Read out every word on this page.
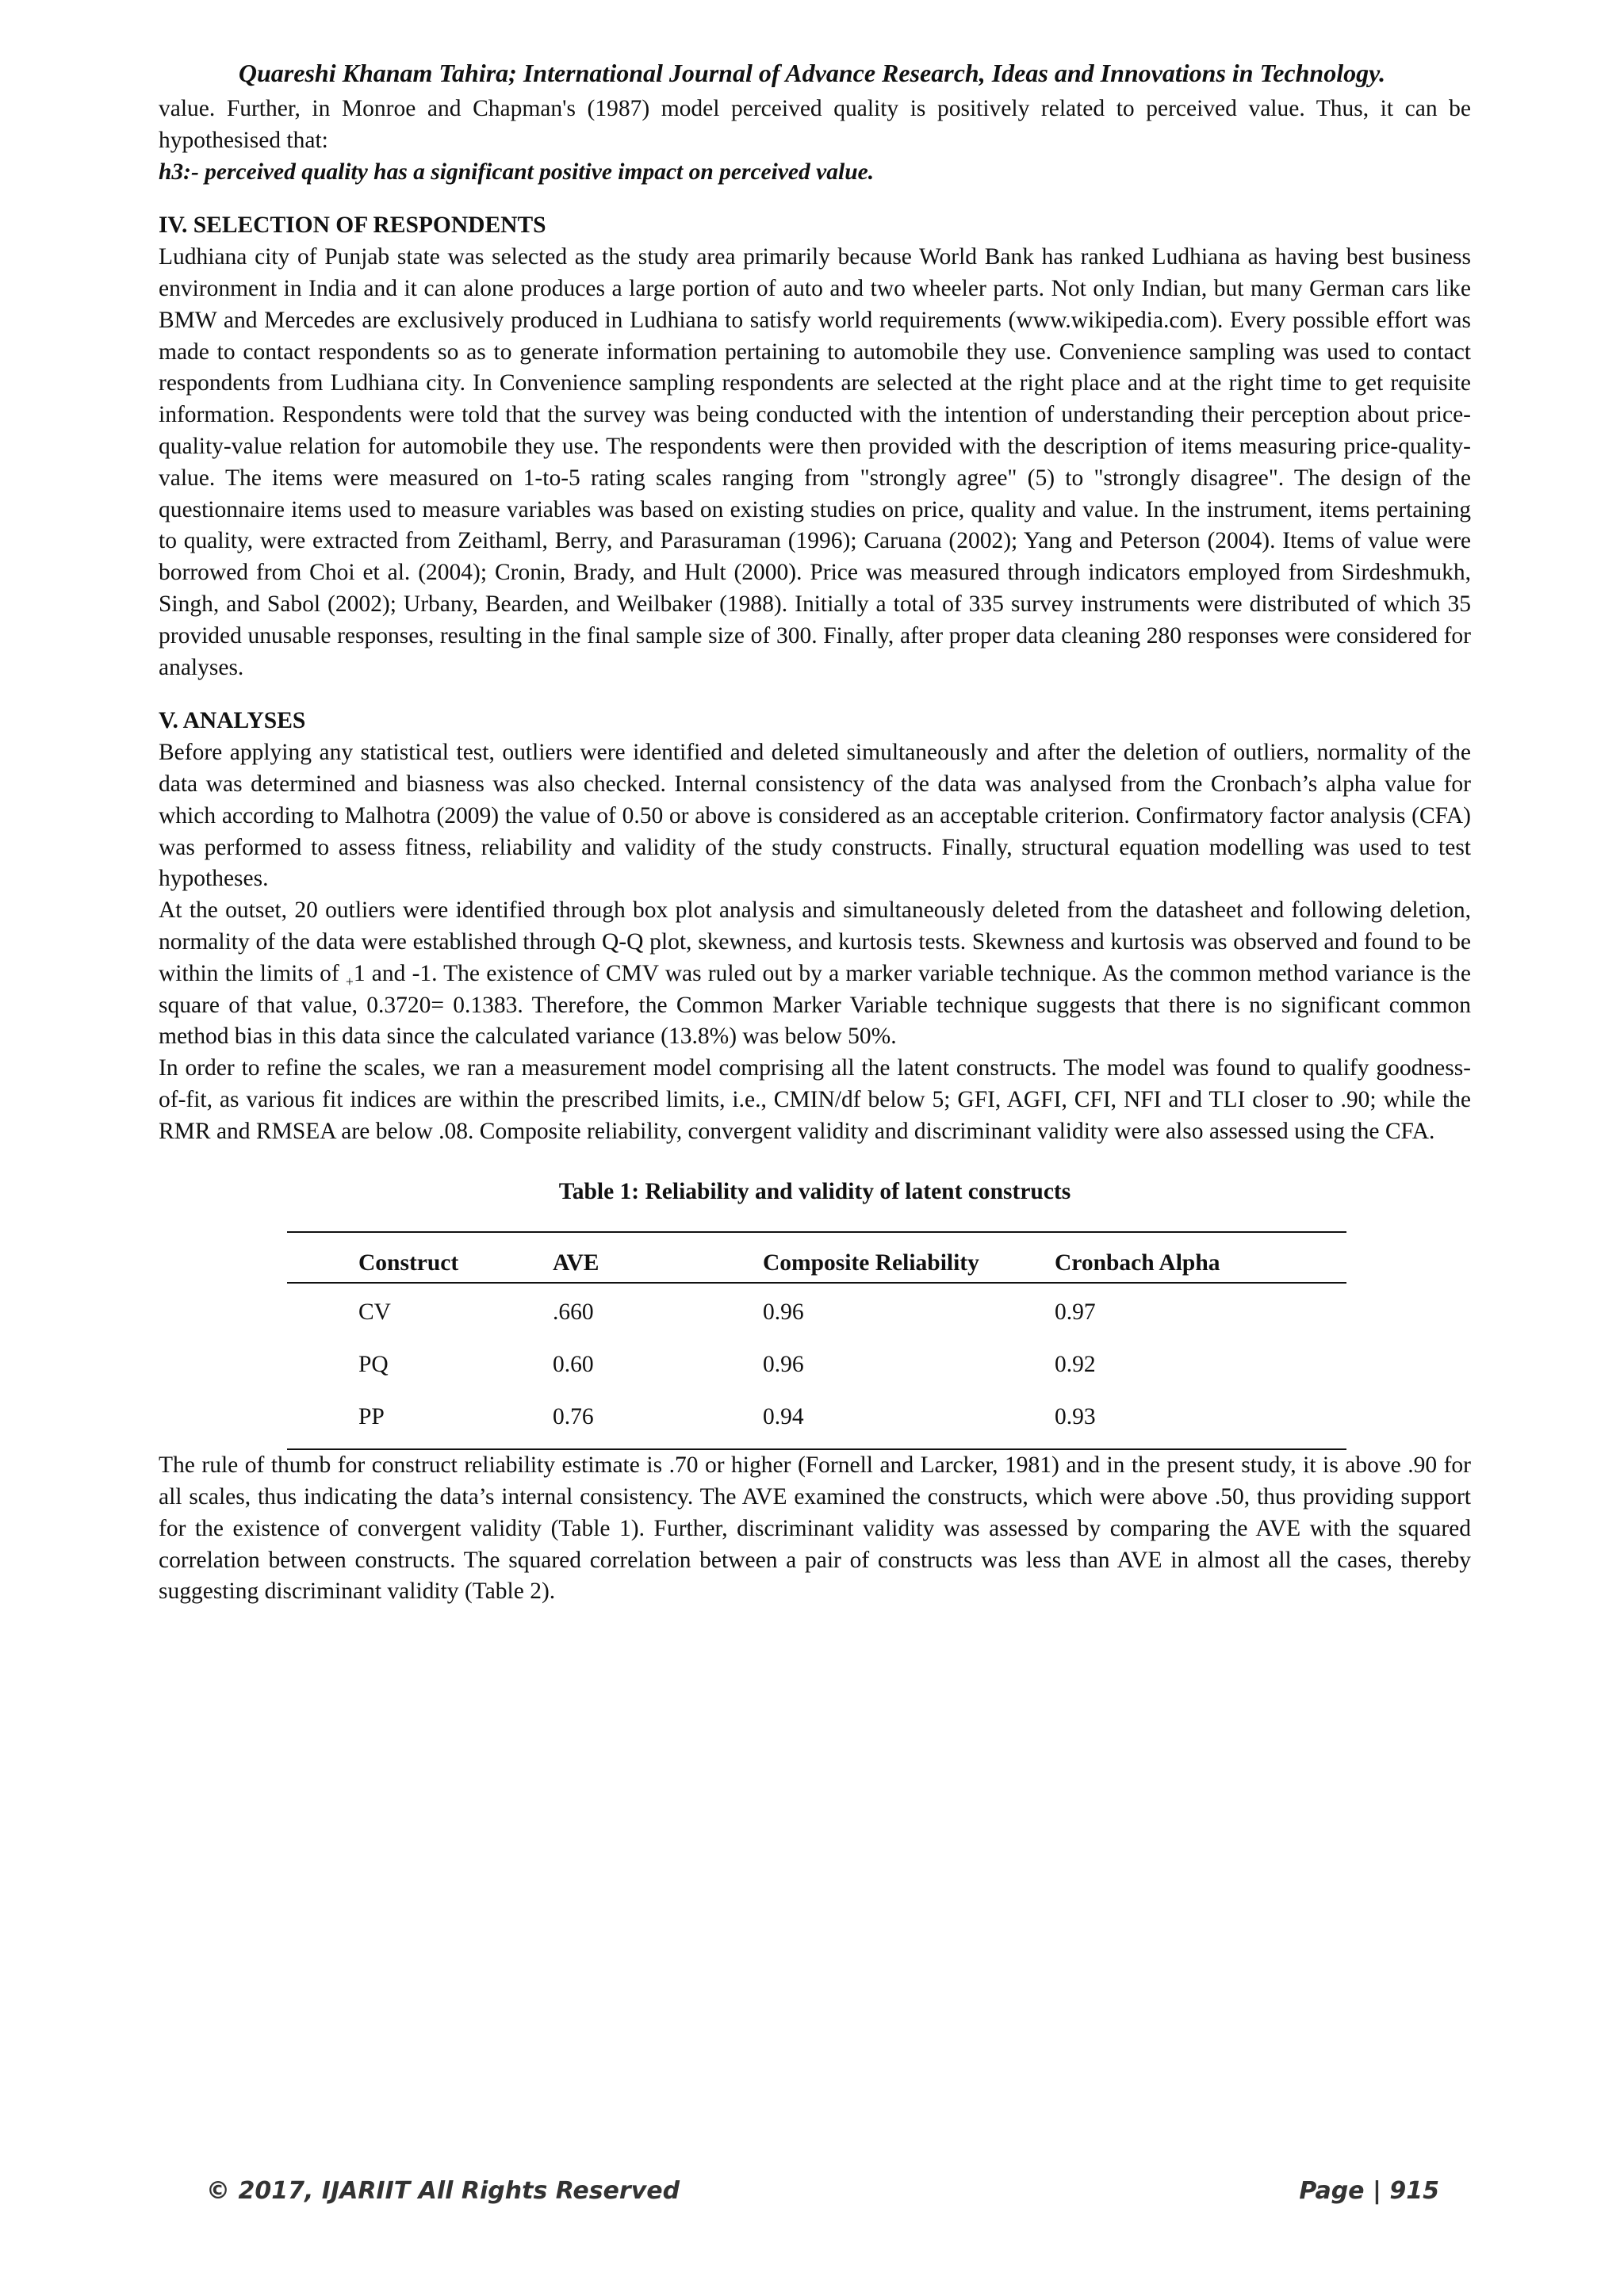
Quareshi Khanam Tahira; International Journal of Advance Research, Ideas and Innovations in Technology.

value. Further, in Monroe and Chapman's (1987) model perceived quality is positively related to perceived value. Thus, it can be hypothesised that:

h3:- perceived quality has a significant positive impact on perceived value.

IV. SELECTION OF RESPONDENTS

Ludhiana city of Punjab state was selected as the study area primarily because World Bank has ranked Ludhiana as having best business environment in India and it can alone produces a large portion of auto and two wheeler parts. Not only Indian, but many German cars like BMW and Mercedes are exclusively produced in Ludhiana to satisfy world requirements (www.wikipedia.com). Every possible effort was made to contact respondents so as to generate information pertaining to automobile they use. Convenience sampling was used to contact respondents from Ludhiana city. In Convenience sampling respondents are selected at the right place and at the right time to get requisite information. Respondents were told that the survey was being conducted with the intention of understanding their perception about price-quality-value relation for automobile they use. The respondents were then provided with the description of items measuring price-quality-value. The items were measured on 1-to-5 rating scales ranging from "strongly agree" (5) to "strongly disagree". The design of the questionnaire items used to measure variables was based on existing studies on price, quality and value. In the instrument, items pertaining to quality, were extracted from Zeithaml, Berry, and Parasuraman (1996); Caruana (2002); Yang and Peterson (2004). Items of value were borrowed from Choi et al. (2004); Cronin, Brady, and Hult (2000). Price was measured through indicators employed from Sirdeshmukh, Singh, and Sabol (2002); Urbany, Bearden, and Weilbaker (1988). Initially a total of 335 survey instruments were distributed of which 35 provided unusable responses, resulting in the final sample size of 300. Finally, after proper data cleaning 280 responses were considered for analyses.

V. ANALYSES

Before applying any statistical test, outliers were identified and deleted simultaneously and after the deletion of outliers, normality of the data was determined and biasness was also checked. Internal consistency of the data was analysed from the Cronbach’s alpha value for which according to Malhotra (2009) the value of 0.50 or above is considered as an acceptable criterion. Confirmatory factor analysis (CFA) was performed to assess fitness, reliability and validity of the study constructs. Finally, structural equation modelling was used to test hypotheses.

At the outset, 20 outliers were identified through box plot analysis and simultaneously deleted from the datasheet and following deletion, normality of the data were established through Q-Q plot, skewness, and kurtosis tests. Skewness and kurtosis was observed and found to be within the limits of $_+$1 and -1. The existence of CMV was ruled out by a marker variable technique. As the common method variance is the square of that value, 0.3720= 0.1383. Therefore, the Common Marker Variable technique suggests that there is no significant common method bias in this data since the calculated variance (13.8%) was below 50%.

In order to refine the scales, we ran a measurement model comprising all the latent constructs. The model was found to qualify goodness-of-fit, as various fit indices are within the prescribed limits, i.e., CMIN/df below 5; GFI, AGFI, CFI, NFI and TLI closer to .90; while the RMR and RMSEA are below .08. Composite reliability, convergent validity and discriminant validity were also assessed using the CFA.

Table 1: Reliability and validity of latent constructs
Construct	AVE	Composite Reliability	Cronbach Alpha
CV	.660	0.96	0.97
PQ	0.60	0.96	0.92
PP	0.76	0.94	0.93

The rule of thumb for construct reliability estimate is .70 or higher (Fornell and Larcker, 1981) and in the present study, it is above .90 for all scales, thus indicating the data’s internal consistency. The AVE examined the constructs, which were above .50, thus providing support for the existence of convergent validity (Table 1). Further, discriminant validity was assessed by comparing the AVE with the squared correlation between constructs. The squared correlation between a pair of constructs was less than AVE in almost all the cases, thereby suggesting discriminant validity (Table 2).

© 2017, IJARIIT All Rights Reserved	Page | 915
